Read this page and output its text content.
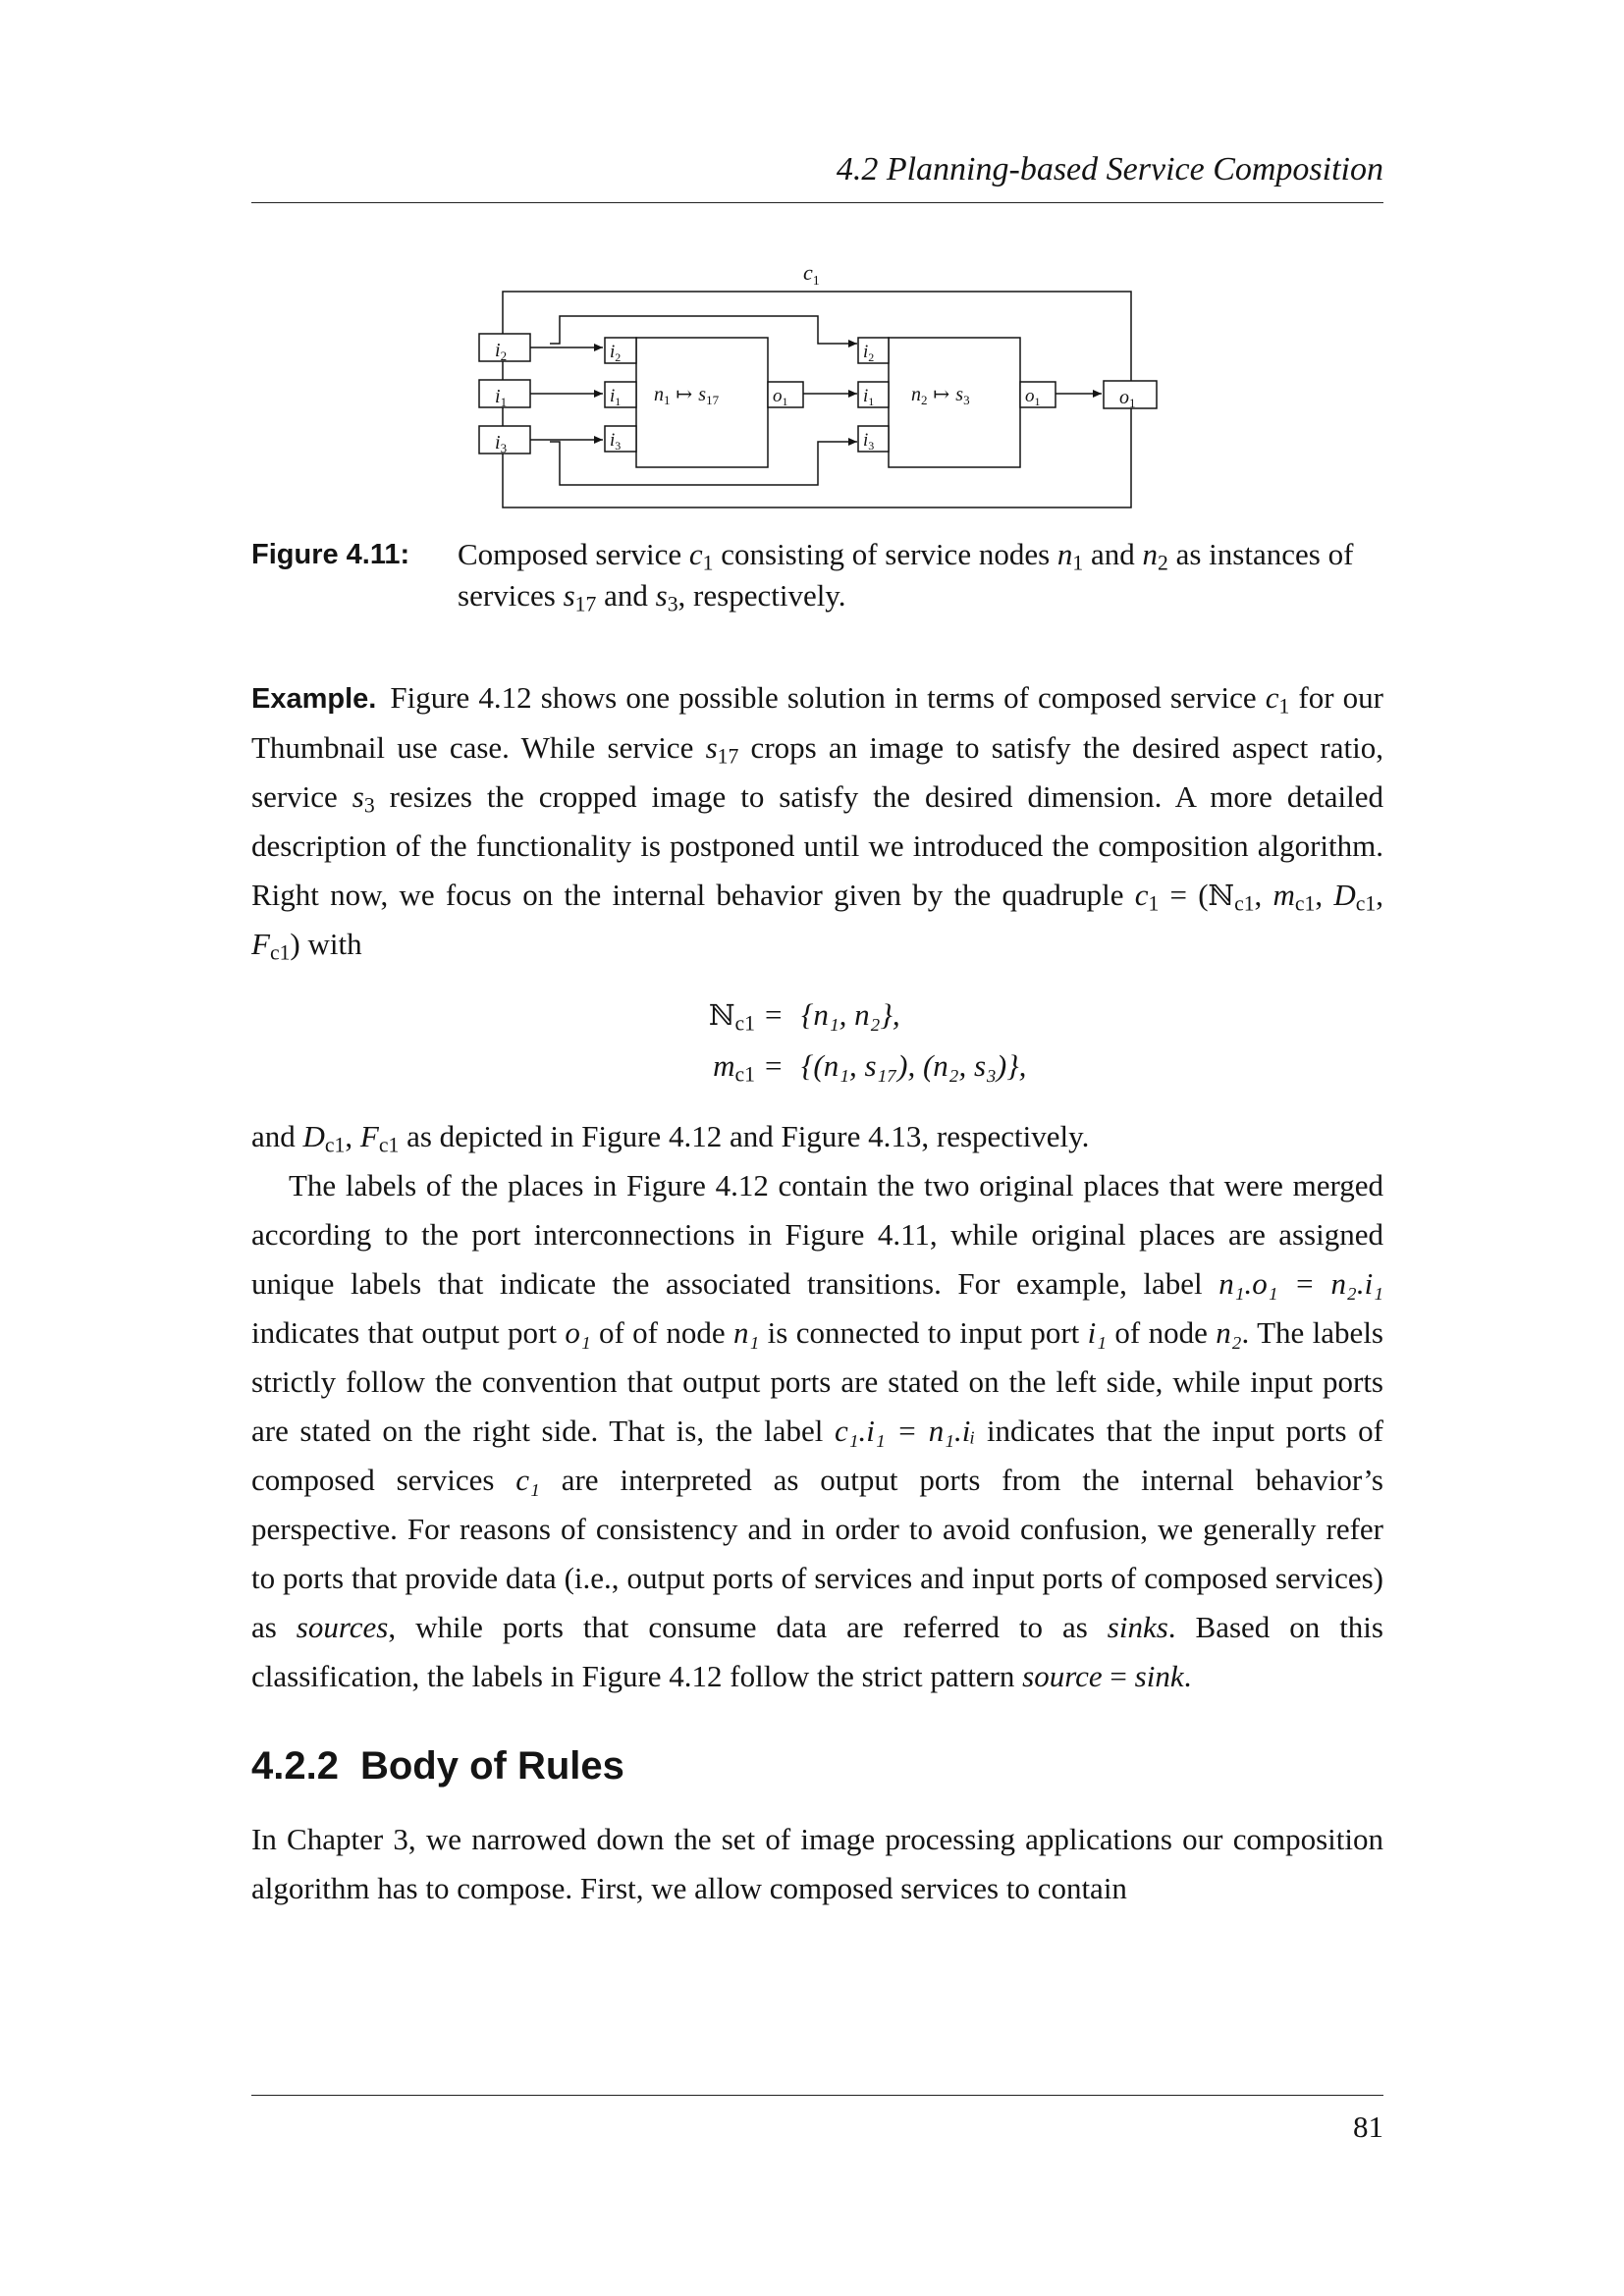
4.2 Planning-based Service Composition
$c_1$
$i_2$
$i_1$
$i_3$
$i_2$
$i_1$
$i_3$
$n_1$ ↦ $s_{17}$	$o_1$
$i_2$
$i_1$
$i_3$
$n_2$ ↦ $s_3$	$o_1$	$o_1$
Figure 4.11: Composed service $c_1$ consisting of service nodes $n_1$ and $n_2$ as instances of services $s_{17}$ and $s_3$, respectively.

Example. Figure 4.12 shows one possible solution in terms of composed service $c_1$ for our Thumbnail use case. While service $s_{17}$ crops an image to satisfy the desired aspect ratio, service $s_3$ resizes the cropped image to satisfy the desired dimension. A more detailed description of the functionality is postponed until we introduced the composition algorithm. Right now, we focus on the internal behavior given by the quadruple $c_1$ = (ℕ$_{c1}$, $m_{c1}$, $D_{c1}$, $F_{c1}$) with

ℕ$_{c1}$ = {n₁, n₂},
$m_{c1} = \{(n_1$, s₁₇), (n₂, s₃)},

and $D_{c1}$, $F_{c1}$ as depicted in Figure 4.12 and Figure 4.13, respectively.

The labels of the places in Figure 4.12 contain the two original places that were merged according to the port interconnections in Figure 4.11, while original places are assigned unique labels that indicate the associated transitions. For example, label n₁.o₁ = n₂.i₁ indicates that output port o₁ of of node n₁ is connected to input port i₁ of node n₂. The labels strictly follow the convention that output ports are stated on the left side, while input ports are stated on the right side. That is, the label c₁.i₁ = n₁.iᵢ indicates that the input ports of composed services c₁ are interpreted as output ports from the internal behavior’s perspective. For reasons of consistency and in order to avoid confusion, we generally refer to ports that provide data (i.e., output ports of services and input ports of composed services) as sources, while ports that consume data are referred to as sinks. Based on this classification, the labels in Figure 4.12 follow the strict pattern source = sink.

4.2.2 Body of Rules

In Chapter 3, we narrowed down the set of image processing applications our composition algorithm has to compose. First, we allow composed services to contain

81
